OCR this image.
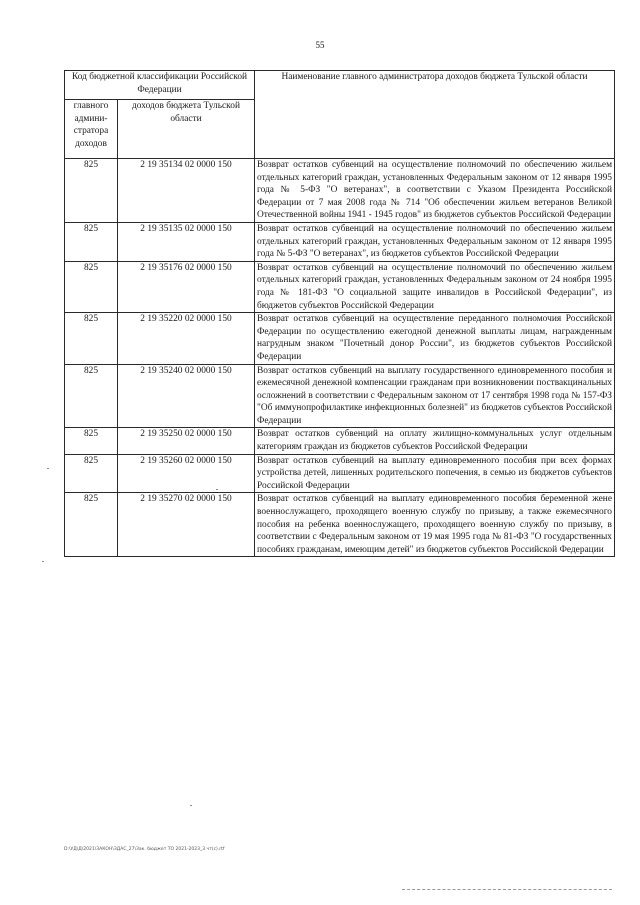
55
Код бюджетной классификации Российской Федерации		Наименование главного администратора доходов бюджета Тульской области
главного админи-стратора доходов	доходов бюджета Тульской области	
825	2 19 35134 02 0000 150	Возврат остатков субвенций на осуществление полномочий по обеспечению жильем отдельных категорий граждан, установленных Федеральным законом от 12 января 1995 года № 5-ФЗ "О ветеранах", в соответствии с Указом Президента Российской Федерации от 7 мая 2008 года № 714 "Об обеспечении жильем ветеранов Великой Отечественной войны 1941 - 1945 годов" из бюджетов субъектов Российской Федерации
825	2 19 35135 02 0000 150	Возврат остатков субвенций на осуществление полномочий по обеспечению жильем отдельных категорий граждан, установленных Федеральным законом от 12 января 1995 года № 5-ФЗ "О ветеранах", из бюджетов субъектов Российской Федерации
825	2 19 35176 02 0000 150	Возврат остатков субвенций на осуществление полномочий по обеспечению жильем отдельных категорий граждан, установленных Федеральным законом от 24 ноября 1995 года № 181-ФЗ "О социальной защите инвалидов в Российской Федерации", из бюджетов субъектов Российской Федерации
825	2 19 35220 02 0000 150	Возврат остатков субвенций на осуществление переданного полномочия Российской Федерации по осуществлению ежегодной денежной выплаты лицам, награжденным нагрудным знаком "Почетный донор России", из бюджетов субъектов Российской Федерации
825	2 19 35240 02 0000 150	Возврат остатков субвенций на выплату государственного единовременного пособия и ежемесячной денежной компенсации гражданам при возникновении поствакцинальных осложнений в соответствии с Федеральным законом от 17 сентября 1998 года № 157-ФЗ "Об иммунопрофилактике инфекционных болезней" из бюджетов субъектов Российской Федерации
825	2 19 35250 02 0000 150	Возврат остатков субвенций на оплату жилищно-коммунальных услуг отдельным категориям граждан из бюджетов субъектов Российской Федерации
825	2 19 35260 02 0000 150	Возврат остатков субвенций на выплату единовременного пособия при всех формах устройства детей, лишенных родительского попечения, в семью из бюджетов субъектов Российской Федерации
825	2 19 35270 02 0000 150	Возврат остатков субвенций на выплату единовременного пособия беременной жене военнослужащего, проходящего военную службу по призыву, а также ежемесячного пособия на ребенка военнослужащего, проходящего военную службу по призыву, в соответствии с Федеральным законом от 19 мая 1995 года № 81-ФЗ "О государственных пособиях гражданам, имеющим детей" из бюджетов субъектов Российской Федерации
D:\УД\Д\2021\ЗАКОН\ЗДАС_27\Зак. бюджет ТО 2021-2023_3 чт(с).rtf
